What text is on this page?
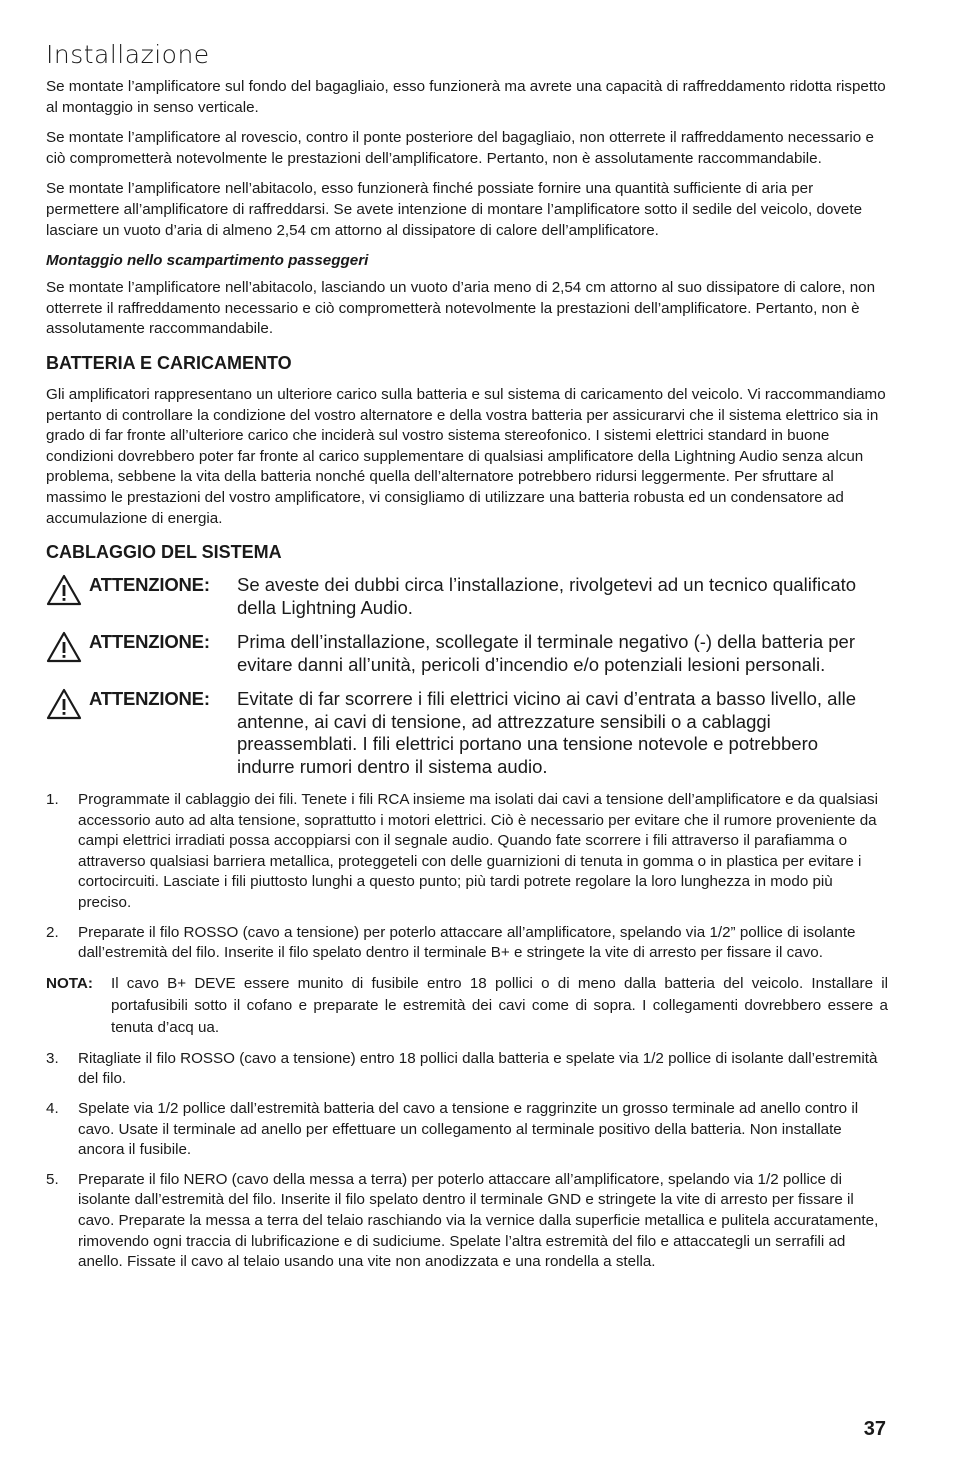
Installazione

Se montate l’amplificatore sul fondo del bagagliaio, esso funzionerà ma avrete una capacità di raffreddamento ridotta rispetto al montaggio in senso verticale.

Se montate l’amplificatore al rovescio, contro il ponte posteriore del bagagliaio, non otterrete il raffreddamento necessario e ciò comprometterà notevolmente le prestazioni dell’amplificatore. Pertanto, non è assolutamente raccommandabile.

Se montate l’amplificatore nell’abitacolo, esso funzionerà finché possiate fornire una quantità sufficiente di aria per permettere all’amplificatore di raffreddarsi. Se avete intenzione di montare l’amplificatore sotto il sedile del veicolo, dovete lasciare un vuoto d’aria di almeno 2,54 cm attorno al dissipatore di calore dell’amplificatore.

Montaggio nello scampartimento passeggeri

Se montate l’amplificatore nell’abitacolo, lasciando un vuoto d’aria meno di 2,54 cm attorno al suo dissipatore di calore, non otterrete il raffreddamento necessario e ciò comprometterà notevolmente la prestazioni dell’amplificatore. Pertanto, non è assolutamente raccommandabile.

BATTERIA E CARICAMENTO

Gli amplificatori rappresentano un ulteriore carico sulla batteria e sul sistema di caricamento del veicolo. Vi raccommandiamo pertanto di controllare la condizione del vostro alternatore e della vostra batteria per assicurarvi che il sistema elettrico sia in grado di far fronte all’ulteriore carico che inciderà sul vostro sistema stereofonico. I sistemi elettrici standard in buone condizioni dovrebbero poter far fronte al carico supplementare di qualsiasi amplificatore della Lightning Audio senza alcun problema, sebbene la vita della batteria nonché quella dell’alternatore potrebbero ridursi leggermente. Per sfruttare al massimo le prestazioni del vostro amplificatore, vi consigliamo di utilizzare una batteria robusta ed un condensatore ad accumulazione di energia.

CABLAGGIO DEL SISTEMA
ATTENZIONE:	Se aveste dei dubbi circa l’installazione, rivolgetevi ad un tecnico qualificato della Lightning Audio.
ATTENZIONE:	Prima dell’installazione, scollegate il terminale negativo (-) della batteria per evitare danni all’unità, pericoli d’incendio e/o potenziali lesioni personali.
ATTENZIONE:	Evitate di far scorrere i fili elettrici vicino ai cavi d’entrata a basso livello, alle antenne, ai cavi di tensione, ad attrezzature sensibili o a cablaggi preassemblati. I fili elettrici portano una tensione notevole e potrebbero indurre rumori dentro il sistema audio.
1.	Programmate il cablaggio dei fili. Tenete i fili RCA insieme ma isolati dai cavi a tensione dell’amplificatore e da qualsiasi accessorio auto ad alta tensione, soprattutto i motori elettrici. Ciò è necessario per evitare che il rumore proveniente da campi elettrici irradiati possa accoppiarsi con il segnale audio. Quando fate scorrere i fili attraverso il parafiamma o attraverso qualsiasi barriera metallica, proteggeteli con delle guarnizioni di tenuta in gomma o in plastica per evitare i cortocircuiti. Lasciate i fili piuttosto lunghi a questo punto; più tardi potrete regolare la loro lunghezza in modo più preciso.
2.	Preparate il filo ROSSO (cavo a tensione) per poterlo attaccare all’amplificatore, spelando via 1/2” pollice di isolante dall’estremità del filo. Inserite il filo spelato dentro il terminale B+ e stringete la vite di arresto per fissare il cavo.
NOTA:	Il cavo B+ DEVE essere munito di fusibile entro 18 pollici o di meno dalla batteria del veicolo. Installare il portafusibili sotto il cofano e preparate le estremità dei cavi come di sopra. I collegamenti dovrebbero essere a tenuta d’acq ua.
3.	Ritagliate il filo ROSSO (cavo a tensione) entro 18 pollici dalla batteria e spelate via 1/2 pollice di isolante dall’estremità del filo.
4.	Spelate via 1/2 pollice dall’estremità batteria del cavo a tensione e raggrinzite un grosso terminale ad anello contro il cavo. Usate il terminale ad anello per effettuare un collegamento al terminale positivo della batteria. Non installate ancora il fusibile.
5.	Preparate il filo NERO (cavo della messa a terra) per poterlo attaccare all’amplificatore, spelando via 1/2 pollice di isolante dall’estremità del filo. Inserite il filo spelato dentro il terminale GND e stringete la vite di arresto per fissare il cavo. Preparate la messa a terra del telaio raschiando via la vernice dalla superficie metallica e pulitela accuratamente, rimovendo ogni traccia di lubrificazione e di sudiciume. Spelate l’altra estremità del filo e attaccategli un serrafili ad anello. Fissate il cavo al telaio usando una vite non anodizzata e una rondella a stella.
37
